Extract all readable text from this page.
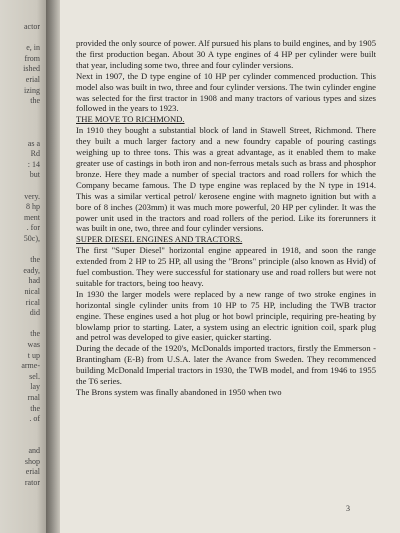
actor
e, in
from
ished
erial
izing
the
as a
Rd
: 14
but
very.
8 hp
ment
. for
50c),
the
eady,
had
nical
rical
did
the
was
t up
arme-
sel.
lay
rnal
the
. of
and
shop
erial
rator

provided the only source of power. Alf pursued his plans to build engines, and by 1905 the first production began. About 30 A type engines of 4 HP per cylinder were built that year, including some two, three and four cylinder versions.

Next in 1907, the D type engine of 10 HP per cylinder commenced production. This model also was built in two, three and four cylinder versions. The twin cylinder engine was selected for the first tractor in 1908 and many tractors of various types and sizes followed in the years to 1923.

THE MOVE TO RICHMOND.

In 1910 they bought a substantial block of land in Stawell Street, Richmond. There they built a much larger factory and a new foundry capable of pouring castings weighing up to three tons. This was a great advantage, as it enabled them to make greater use of castings in both iron and non-ferrous metals such as brass and phosphor bronze. Here they made a number of special tractors and road rollers for which the Company became famous. The D type engine was replaced by the N type in 1914. This was a similar vertical petrol/ kerosene engine with magneto ignition but with a bore of 8 inches (203mm) it was much more powerful, 20 HP per cylinder. It was the power unit used in the tractors and road rollers of the period. Like its forerunners it was built in one, two, three and four cylinder versions.

SUPER DIESEL ENGINES AND TRACTORS.

The first "Super Diesel" horizontal engine appeared in 1918, and soon the range extended from 2 HP to 25 HP, all using the "Brons" principle (also known as Hvid) of fuel combustion. They were successful for stationary use and road rollers but were not suitable for tractors, being too heavy.

In 1930 the larger models were replaced by a new range of two stroke engines in horizontal single cylinder units from 10 HP to 75 HP, including the TWB tractor engine. These engines used a hot plug or hot bowl principle, requiring pre-heating by blowlamp prior to starting. Later, a system using an electric ignition coil, spark plug and petrol was developed to give easier, quicker starting.

During the decade of the 1920's, McDonalds imported tractors, firstly the Emmerson - Brantingham (E-B) from U.S.A. later the Avance from Sweden. They recommenced building McDonald Imperial tractors in 1930, the TWB model, and from 1946 to 1955 the T6 series.

The Brons system was finally abandoned in 1950 when two

3
